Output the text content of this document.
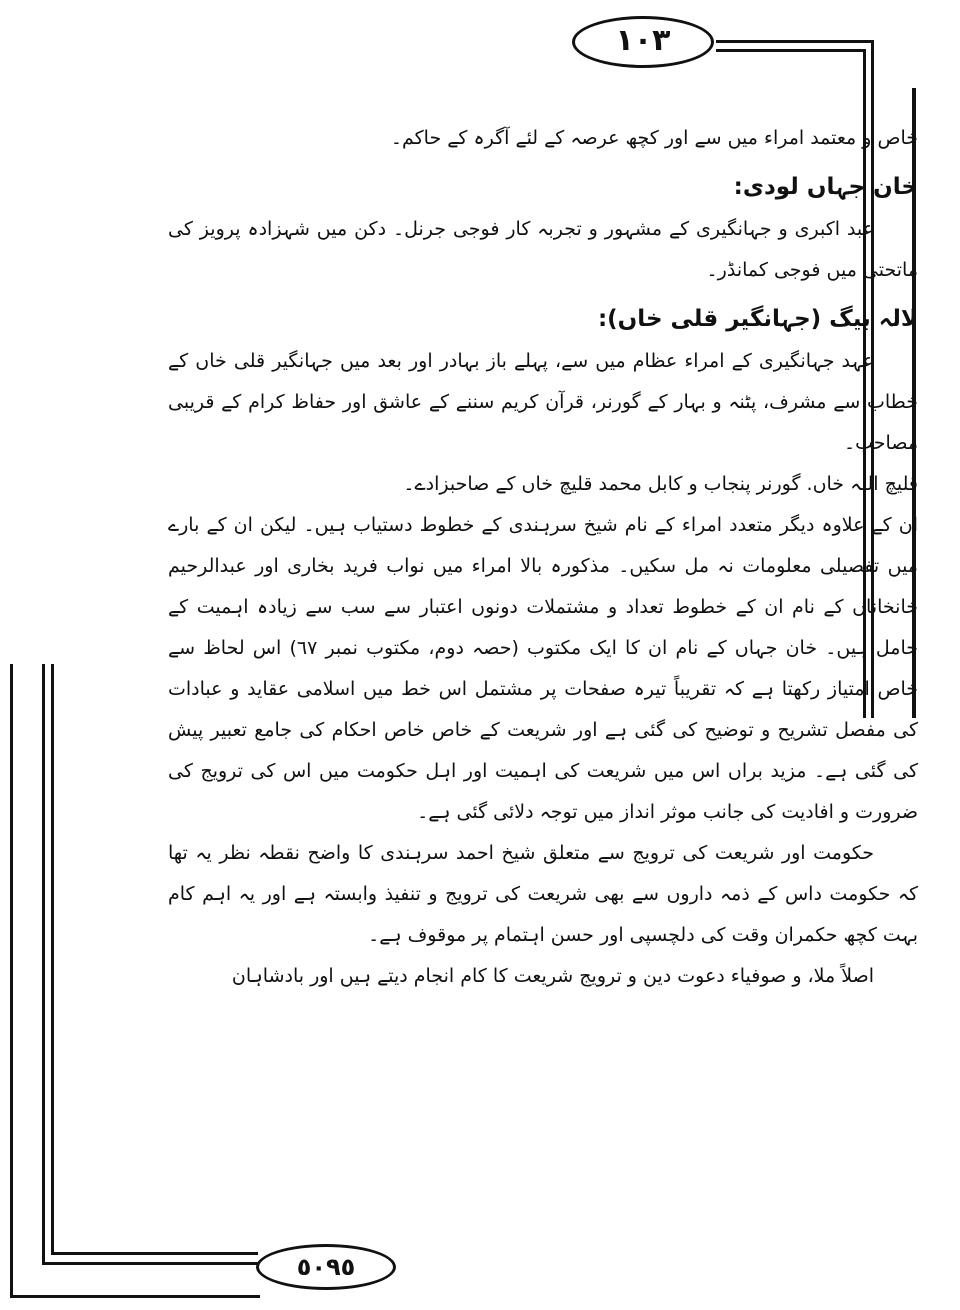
١٠٣
٥٠٩٥

خاص و معتمد امراء میں سے اور کچھ عرصہ کے لئے آگرہ کے حاکم۔

خان جہاں لودی:

عبد اکبری و جہانگیری کے مشہور و تجربہ کار فوجی جرنل۔ دکن میں شہزادہ پرویز کی ماتحتی میں فوجی کمانڈر۔

لالہ بیگ (جہانگیر قلی خاں):

عہد جہانگیری کے امراء عظام میں سے، پہلے باز بہادر اور بعد میں جہانگیر قلی خاں کے خطاب سے مشرف، پٹنہ و بہار کے گورنر، قرآن کریم سننے کے عاشق اور حفاظ کرام کے قریبی مصاحب۔

قلیچ اللہ خاں. گورنر پنجاب و کابل محمد قلیچ خاں کے صاحبزادے۔

ان کے علاوہ دیگر متعدد امراء کے نام شیخ سرہندی کے خطوط دستیاب ہیں۔ لیکن ان کے بارے میں تفصیلی معلومات نہ مل سکیں۔ مذکورہ بالا امراء میں نواب فرید بخاری اور عبدالرحیم خانخاناں کے نام ان کے خطوط تعداد و مشتملات دونوں اعتبار سے سب سے زیادہ اہمیت کے حامل ہیں۔ خان جہاں کے نام ان کا ایک مکتوب (حصہ دوم، مکتوب نمبر ٦٧) اس لحاظ سے خاص امتیاز رکھتا ہے کہ تقریباً تیرہ صفحات پر مشتمل اس خط میں اسلامی عقاید و عبادات کی مفصل تشریح و توضیح کی گئی ہے اور شریعت کے خاص خاص احکام کی جامع تعبیر پیش کی گئی ہے۔ مزید براں اس میں شریعت کی اہمیت اور اہل حکومت میں اس کی ترویج کی ضرورت و افادیت کی جانب موثر انداز میں توجہ دلائی گئی ہے۔

حکومت اور شریعت کی ترویج سے متعلق شیخ احمد سرہندی کا واضح نقطہ نظر یہ تھا کہ حکومت داس کے ذمہ داروں سے بھی شریعت کی ترویج و تنفیذ وابستہ ہے اور یہ اہم کام بہت کچھ حکمران وقت کی دلچسپی اور حسن اہتمام پر موقوف ہے۔

اصلاً ملا، و صوفیاء دعوت دین و ترویج شریعت کا کام انجام دیتے ہیں اور بادشاہان
